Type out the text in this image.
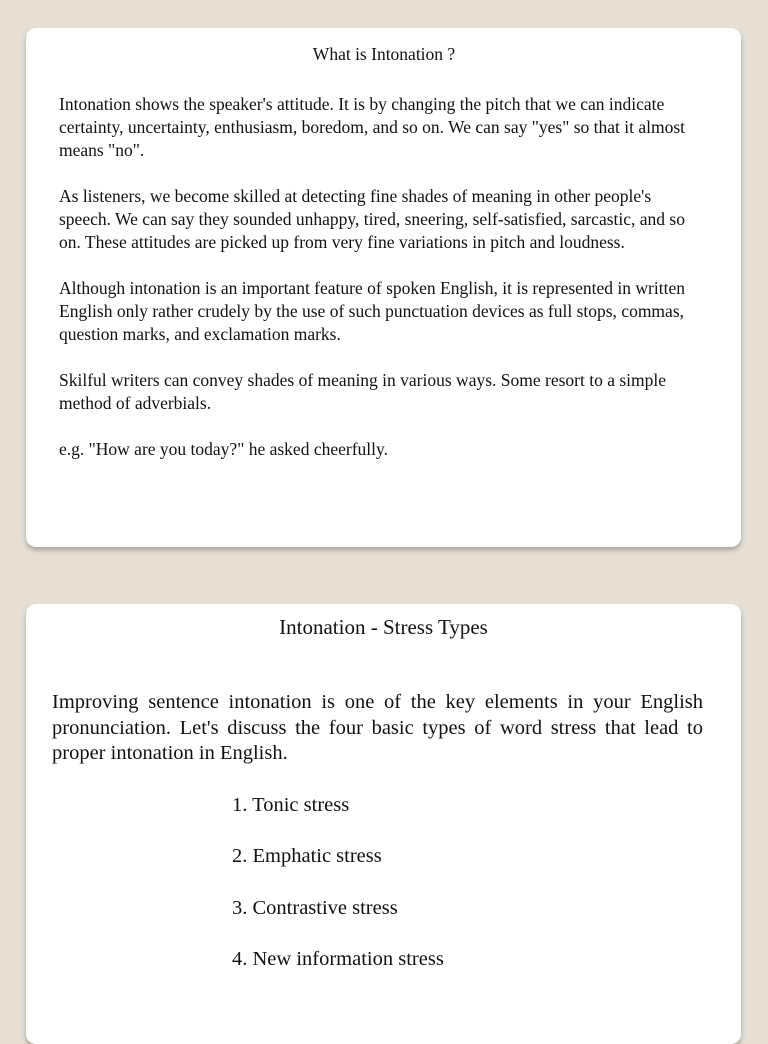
What is Intonation ?

Intonation shows the speaker's attitude. It is by changing the pitch that we can indicate certainty, uncertainty, enthusiasm, boredom, and so on. We can say "yes" so that it almost means "no".

As listeners, we become skilled at detecting fine shades of meaning in other people's speech. We can say they sounded unhappy, tired, sneering, self-satisfied, sarcastic, and so on. These attitudes are picked up from very fine variations in pitch and loudness.

Although intonation is an important feature of spoken English, it is represented in written English only rather crudely by the use of such punctuation devices as full stops, commas, question marks, and exclamation marks.

Skilful writers can convey shades of meaning in various ways. Some resort to a simple method of adverbials.

e.g. "How are you today?" he asked cheerfully.

Intonation - Stress Types

Improving sentence intonation is one of the key elements in your English pronunciation. Let's discuss the four basic types of word stress that lead to proper intonation in English.

1. Tonic stress
2. Emphatic stress
3. Contrastive stress
4. New information stress
